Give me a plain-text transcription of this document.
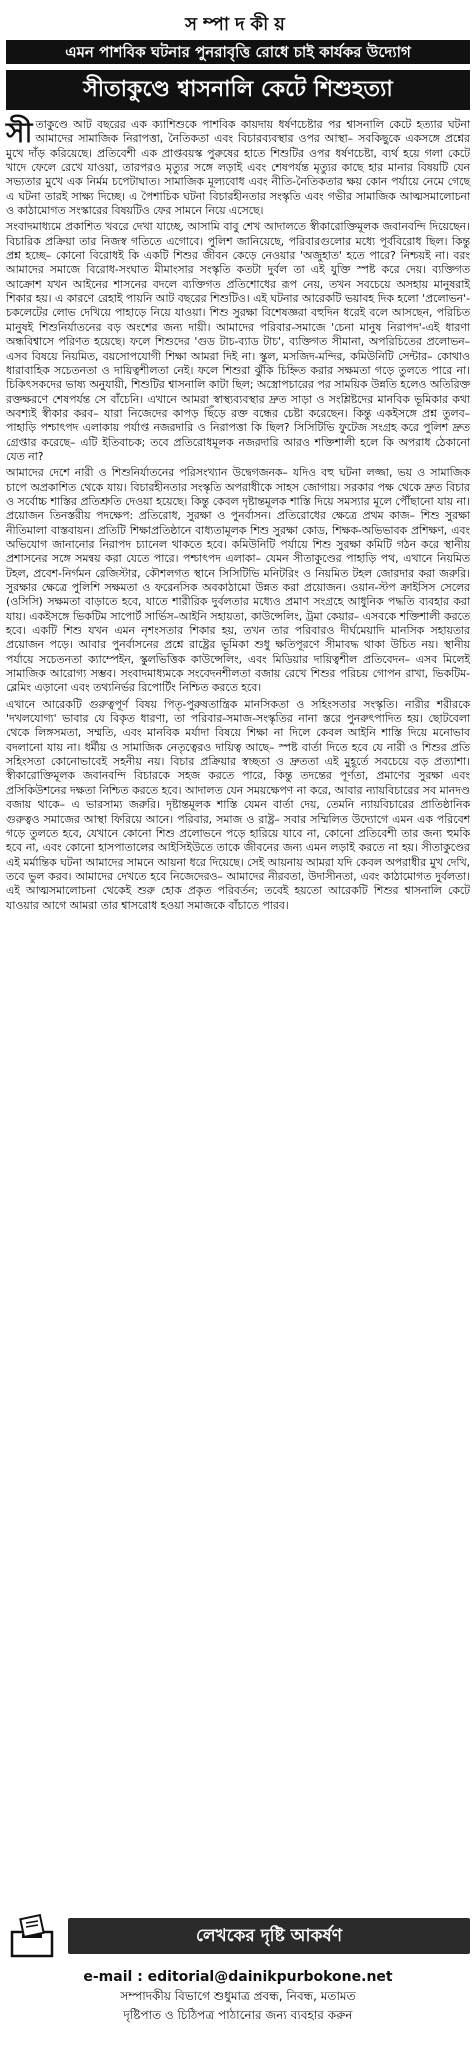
সম্পাদকীয়
এমন পাশবিক ঘটনার পুনরাবৃত্তি রোধে চাই কার্যকর উদ্যোগ
সীতাকুণ্ডে শ্বাসনালি কেটে শিশুহত্যা

সীতাকুণ্ডে আট বছরের এক ক্যাশিশুকে পাশবিক কায়দায় ধর্ষণচেষ্টার পর শ্বাসনালি কেটে হত্যার ঘটনা আমাদের সামাজিক নিরাপত্তা, নৈতিকতা এবং বিচারব্যবস্থার ওপর আস্থা– সবকিছুকে একসঙ্গে প্রশ্নের মুখে দাঁড় করিয়েছে। প্রতিবেশী এক প্রাপ্তবয়স্ক পুরুষের হাতে শিশুটির ওপর ধর্ষণচেষ্টা, ব্যর্থ হয়ে গলা কেটে খাদে ফেলে রেখে যাওয়া, তারপরও মৃত্যুর সঙ্গে লড়াই এবং শেষপর্যন্ত মৃত্যুর কাছে হার মানার বিষয়টি যেন সভ্যতার মুখে এক নির্মম চপেটাঘাত। সামাজিক মূল্যবোধ এবং নীতি-নৈতিকতার ক্ষয় কোন পর্যায়ে নেমে গেছে এ ঘটনা তারই সাক্ষ্য দিচ্ছে। এ পৈশাচিক ঘটনা বিচারহীনতার সংস্কৃতি এবং গভীর সামাজিক আত্মসমালোচনা ও কাঠামোগত সংস্কারের বিষয়টিও ফের সামনে নিয়ে এসেছে।

সংবাদমাধ্যমে প্রকাশিত খবরে দেখা যাচ্ছে, আসামি বাবু শেখ আদালতে স্বীকারোক্তিমূলক জবানবন্দি দিয়েছেন। বিচারিক প্রক্রিয়া তার নিজস্ব গতিতে এগোবে। পুলিশ জানিয়েছে, পরিবারগুলোর মধ্যে পূর্ববিরোধ ছিল। কিন্তু প্রশ্ন হচ্ছে– কোনো বিরোধই কি একটি শিশুর জীবন কেড়ে নেওয়ার 'অজুহাত' হতে পারে? নিশ্চয়ই না। বরং আমাদের সমাজে বিরোধ-সংঘাত মীমাংসার সংস্কৃতি কতটা দুর্বল তা এই যুক্তি স্পষ্ট করে দেয়। ব্যক্তিগত আক্রোশ যখন আইনের শাসনের বদলে ব্যক্তিগত প্রতিশোধের রূপ নেয়, তখন সবচেয়ে অসহায় মানুষরাই শিকার হয়। এ কারণে রেহাই পায়নি আট বছরের শিশুটিও। এই ঘটনার আরেকটি ভয়াবহ দিক হলো 'প্রলোভন'-চকলেটের লোভ দেখিয়ে পাহাড়ে নিয়ে যাওয়া। শিশু সুরক্ষা বিশেষজ্ঞরা বহুদিন ধরেই বলে আসছেন, পরিচিত মানুষই শিশুনির্যাতনের বড় অংশের জন্য দায়ী। আমাদের পরিবার-সমাজে 'চেনা মানুষ নিরাপদ'-এই ধারণা অন্ধবিশ্বাসে পরিণত হয়েছে। ফলে শিশুদের 'গুড টাচ-ব্যাড টাচ', ব্যক্তিগত সীমানা, অপরিচিতের প্রলোভন– এসব বিষয়ে নিয়মিত, বয়সোপযোগী শিক্ষা আমরা দিই না। স্কুল, মসজিদ-মন্দির, কমিউনিটি সেন্টার– কোথাও ধারাবাহিক সচেতনতা ও দায়িত্বশীলতা নেই। ফলে শিশুরা ঝুঁকি চিহ্নিত করার সক্ষমতা গড়ে তুলতে পারে না। চিকিৎসকদের ভাষ্য অনুযায়ী, শিশুটির শ্বাসনালি কাটা ছিল; অস্ত্রোপচারের পর সাময়িক উন্নতি হলেও অতিরিক্ত রক্তক্ষরণে শেষপর্যন্ত সে বাঁচেনি। এখানে আমরা স্বাস্থ্যব্যবস্থার দ্রুত সাড়া ও সংশ্লিষ্টদের মানবিক ভূমিকার কথা অবশ্যই স্বীকার করব– যারা নিজেদের কাপড় ছিঁড়ে রক্ত বন্ধের চেষ্টা করেছেন। কিন্তু একইসঙ্গে প্রশ্ন তুলব– পাহাড়ি পশ্চাৎপদ এলাকায় পর্যাপ্ত নজরদারি ও নিরাপত্তা কি ছিল? সিসিটিভি ফুটেজ সংগ্রহ করে পুলিশ দ্রুত গ্রেপ্তার করেছে– এটি ইতিবাচক; তবে প্রতিরোধমূলক নজরদারি আরও শক্তিশালী হলে কি অপরাধ ঠেকানো যেত না?

আমাদের দেশে নারী ও শিশুনির্যাতনের পরিসংখ্যান উদ্বেগজনক– যদিও বহু ঘটনা লজ্জা, ভয় ও সামাজিক চাপে অপ্রকাশিত থেকে যায়। বিচারহীনতার সংস্কৃতি অপরাধীকে সাহস জোগায়। সরকার পক্ষ থেকে দ্রুত বিচার ও সর্বোচ্চ শাস্তির প্রতিশ্রুতি দেওয়া হয়েছে। কিন্তু কেবল দৃষ্টান্তমূলক শাস্তি দিয়ে সমস্যার মূলে পৌঁছানো যায় না। প্রয়োজন তিনস্তরীয় পদক্ষেপ: প্রতিরোধ, সুরক্ষা ও পুনর্বাসন। প্রতিরোধের ক্ষেত্রে প্রথম কাজ– শিশু সুরক্ষা নীতিমালা বাস্তবায়ন। প্রতিটি শিক্ষাপ্রতিষ্ঠানে বাধ্যতামূলক শিশু সুরক্ষা কোড, শিক্ষক-অভিভাবক প্রশিক্ষণ, এবং অভিযোগ জানানোর নিরাপদ চ্যানেল থাকতে হবে। কমিউনিটি পর্যায়ে শিশু সুরক্ষা কমিটি গঠন করে স্থানীয় প্রশাসনের সঙ্গে সমন্বয় করা যেতে পারে। পশ্চাৎপদ এলাকা– যেমন সীতাকুণ্ডের পাহাড়ি পথ, এখানে নিয়মিত টহল, প্রবেশ-নির্গমন রেজিস্টার, কৌশলগত স্থানে সিসিটিভি মনিটরিং ও নিয়মিত টহল জোরদার করা জরুরি। সুরক্ষার ক্ষেত্রে পুলিশি সক্ষমতা ও ফরেনসিক অবকাঠামো উন্নত করা প্রয়োজন। ওয়ান-স্টপ ক্রাইসিস সেলের (ওসিসি) সক্ষমতা বাড়াতে হবে, যাতে শারীরিক দুর্বলতার মধ্যেও প্রমাণ সংগ্রহে আধুনিক পদ্ধতি ব্যবহার করা যায়। একইসঙ্গে ভিকটিম সাপোর্ট সার্ভিস–আইনি সহায়তা, কাউন্সেলিং, ট্রমা কেয়ার– এসবকে শক্তিশালী করতে হবে। একটি শিশু যখন এমন নৃশংসতার শিকার হয়, তখন তার পরিবারও দীর্ঘমেয়াদি মানসিক সহায়তার প্রয়োজন পড়ে। আবার পুনর্বাসনের প্রশ্নে রাষ্ট্রের ভূমিকা শুধু ক্ষতিপূরণে সীমাবদ্ধ থাকা উচিত নয়। স্থানীয় পর্যায়ে সচেতনতা ক্যাম্পেইন, স্কুলভিত্তিক কাউন্সেলিং, এবং মিডিয়ার দায়িত্বশীল প্রতিবেদন– এসব মিলেই সামাজিক আরোগ্য সম্ভব। সংবাদমাধ্যমকে সংবেদনশীলতা বজায় রেখে শিশুর পরিচয় গোপন রাখা, ভিকটিম-ব্লেমিং এড়ানো এবং তথ্যনির্ভর রিপোর্টিং নিশ্চিত করতে হবে।

এখানে আরেকটি গুরুত্বপূর্ণ বিষয় পিতৃ-পুরুষতান্ত্রিক মানসিকতা ও সহিংসতার সংস্কৃতি। নারীর শরীরকে 'দখলযোগ্য' ভাবার যে বিকৃত ধারণা, তা পরিবার-সমাজ-সংস্কৃতির নানা স্তরে পুনরুৎপাদিত হয়। ছোটবেলা থেকে লিঙ্গসমতা, সম্মতি, এবং মানবিক মর্যাদা বিষয়ে শিক্ষা না দিলে কেবল আইনি শাস্তি দিয়ে মনোভাব বদলানো যায় না। ধর্মীয় ও সামাজিক নেতৃত্বেরও দায়িত্ব আছে– স্পষ্ট বার্তা দিতে হবে যে নারী ও শিশুর প্রতি সহিংসতা কোনোভাবেই সহনীয় নয়। বিচার প্রক্রিয়ার স্বচ্ছতা ও দ্রুততা এই মুহূর্তে সবচেয়ে বড় প্রত্যাশা। স্বীকারোক্তিমূলক জবানবন্দি বিচারকে সহজ করতে পারে, কিন্তু তদন্তের পূর্ণতা, প্রমাণের সুরক্ষা এবং প্রসিকিউশনের দক্ষতা নিশ্চিত করতে হবে। আদালত যেন সময়ক্ষেপণ না করে, আবার ন্যায়বিচারের সব মানদণ্ড বজায় থাকে– এ ভারসাম্য জরুরি। দৃষ্টান্তমূলক শাস্তি যেমন বার্তা দেয়, তেমনি ন্যায়বিচারের প্রাতিষ্ঠানিক গুরুত্বও সমাজের আস্থা ফিরিয়ে আনে। পরিবার, সমাজ ও রাষ্ট্র– সবার সম্মিলিত উদ্যোগে এমন এক পরিবেশ গড়ে তুলতে হবে, যেখানে কোনো শিশু প্রলোভনে পড়ে হারিয়ে যাবে না, কোনো প্রতিবেশী তার জন্য হুমকি হবে না, এবং কোনো হাসপাতালের আইসিইউতে তাকে জীবনের জন্য এমন লড়াই করতে না হয়। সীতাকুণ্ডের এই মর্মান্তিক ঘটনা আমাদের সামনে আয়না ধরে দিয়েছে। সেই আয়নায় আমরা যদি কেবল অপরাধীর মুখ দেখি, তবে ভুল করব। আমাদের দেখতে হবে নিজেদেরও– আমাদের নীরবতা, উদাসীনতা, এবং কাঠামোগত দুর্বলতা। এই আত্মসমালোচনা থেকেই শুরু হোক প্রকৃত পরিবর্তন; তবেই হয়তো আরেকটি শিশুর শ্বাসনালি কেটে যাওয়ার আগে আমরা তার শ্বাসরোধ হওয়া সমাজকে বাঁচাতে পারব।

লেখকের দৃষ্টি আকর্ষণ
e-mail : editorial@dainikpurbokone.net
সম্পাদকীয় বিভাগে শুধুমাত্র প্রবন্ধ, নিবন্ধ, মতামত
দৃষ্টিপাত ও চিঠিপত্র পাঠানোর জন্য ব্যবহার করুন
